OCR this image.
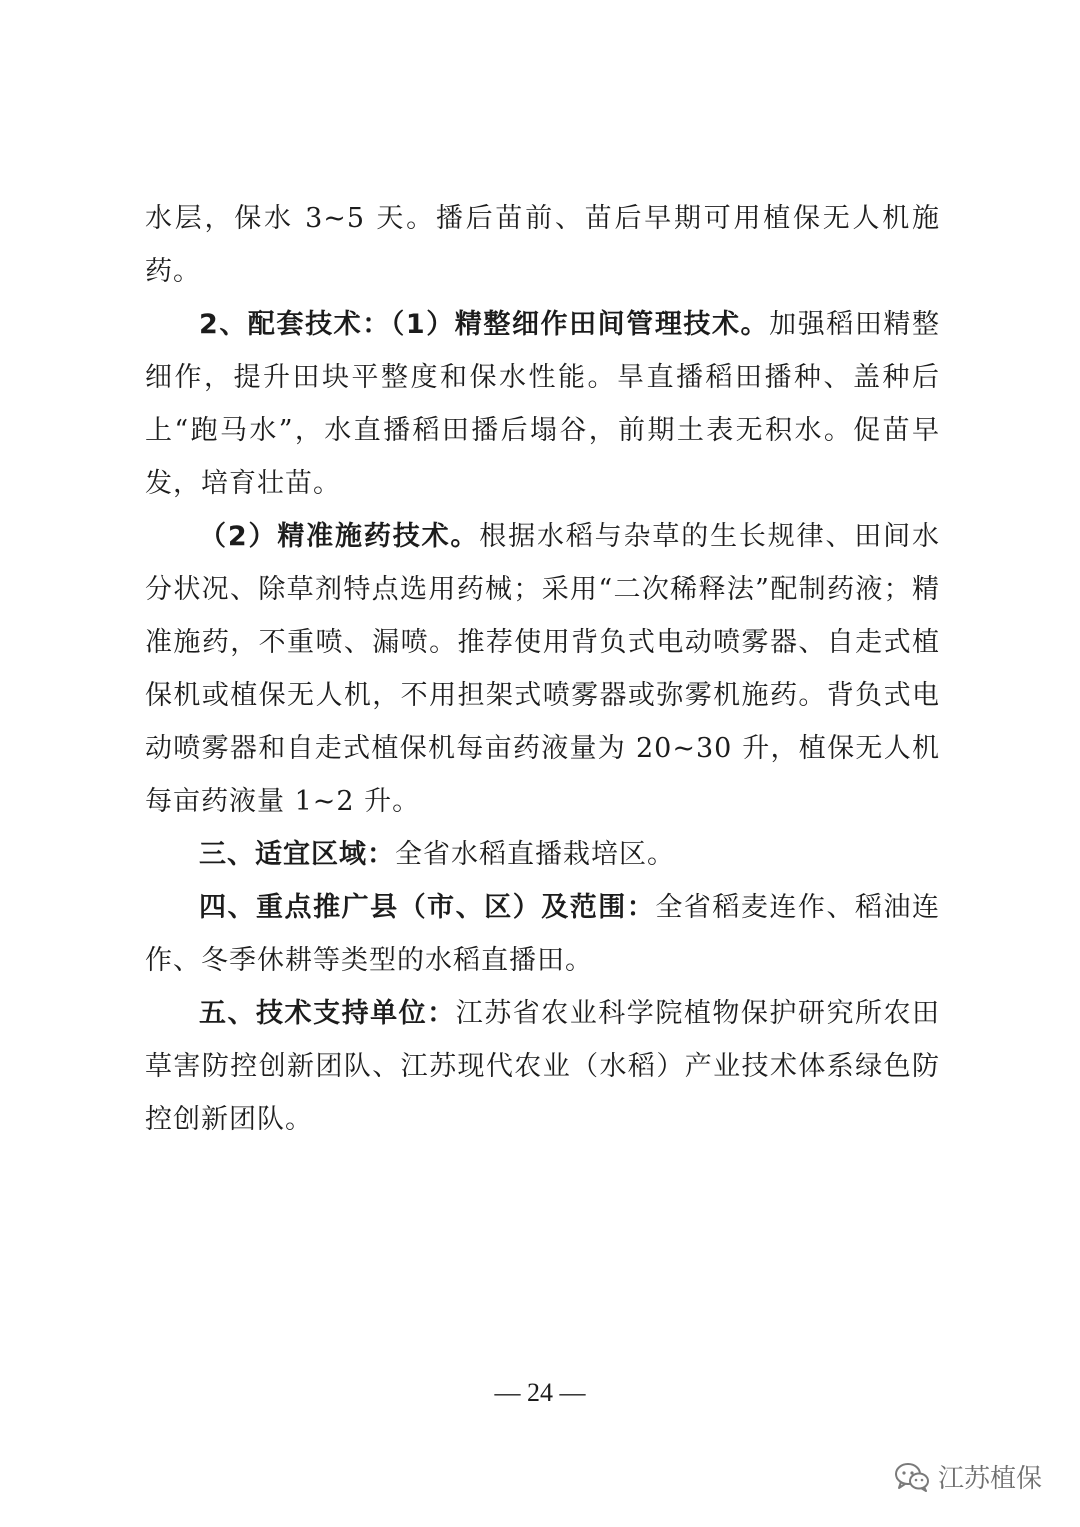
水层，保水 3~5 天。播后苗前、苗后早期可用植保无人机施药。

2、配套技术：（1）精整细作田间管理技术。加强稻田精整细作，提升田块平整度和保水性能。旱直播稻田播种、盖种后上“跑马水”，水直播稻田播后塌谷，前期土表无积水。促苗早发，培育壮苗。

（2）精准施药技术。根据水稻与杂草的生长规律、田间水分状况、除草剂特点选用药械；采用“二次稀释法”配制药液；精准施药，不重喷、漏喷。推荐使用背负式电动喷雾器、自走式植保机或植保无人机，不用担架式喷雾器或弥雾机施药。背负式电动喷雾器和自走式植保机每亩药液量为 20~30 升，植保无人机每亩药液量 1~2 升。

三、适宜区域：全省水稻直播栽培区。

四、重点推广县（市、区）及范围：全省稻麦连作、稻油连作、冬季休耕等类型的水稻直播田。

五、技术支持单位：江苏省农业科学院植物保护研究所农田草害防控创新团队、江苏现代农业（水稻）产业技术体系绿色防控创新团队。

— 24 —
江苏植保
